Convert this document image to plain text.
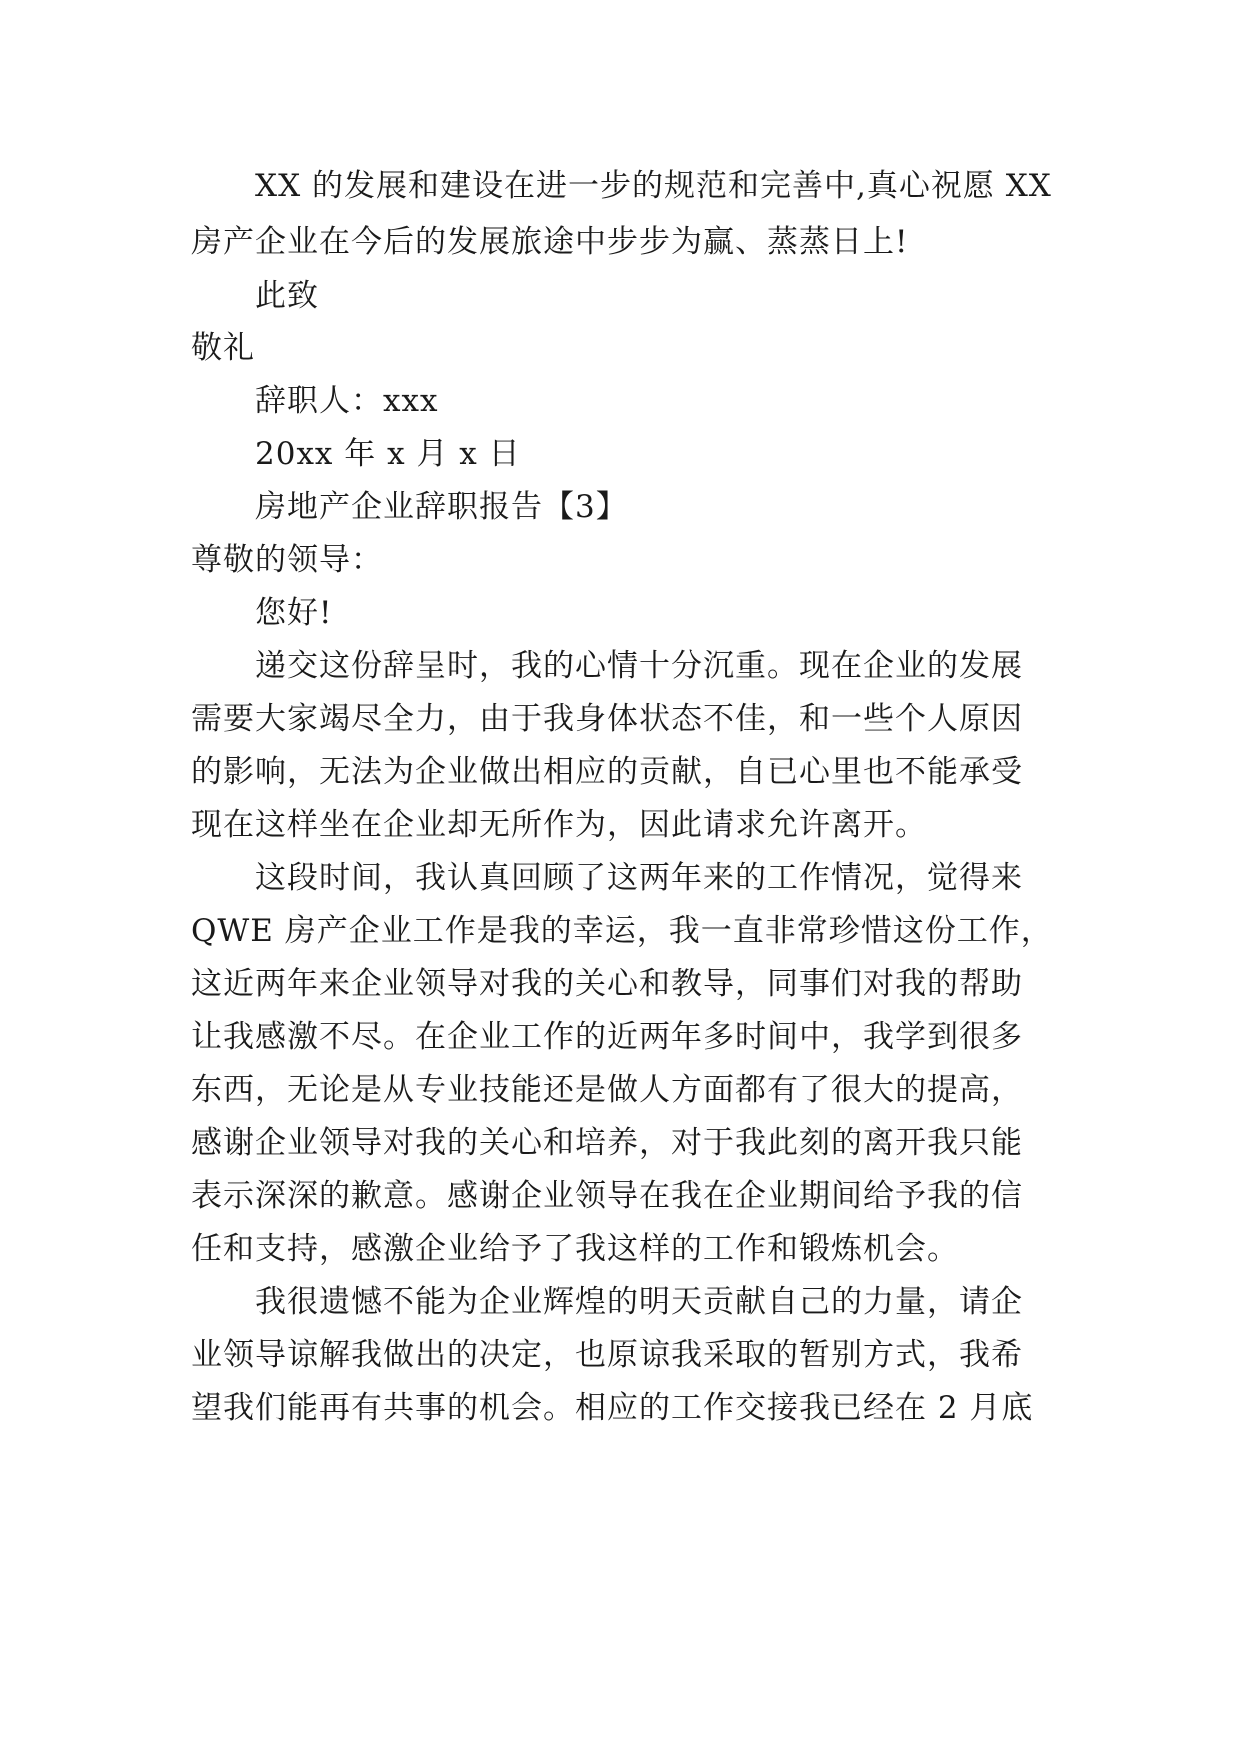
XX 的发展和建设在进一步的规范和完善中,真心祝愿 XX
房产企业在今后的发展旅途中步步为赢、蒸蒸日上!
此致
敬礼
辞职人：xxx
20xx 年 x 月 x 日
房地产企业辞职报告【3】
尊敬的领导：
您好!
递交这份辞呈时，我的心情十分沉重。现在企业的发展
需要大家竭尽全力，由于我身体状态不佳，和一些个人原因
的影响，无法为企业做出相应的贡献，自已心里也不能承受
现在这样坐在企业却无所作为，因此请求允许离开。
这段时间，我认真回顾了这两年来的工作情况，觉得来
QWE 房产企业工作是我的幸运，我一直非常珍惜这份工作，
这近两年来企业领导对我的关心和教导，同事们对我的帮助
让我感激不尽。在企业工作的近两年多时间中，我学到很多
东西，无论是从专业技能还是做人方面都有了很大的提高，
感谢企业领导对我的关心和培养，对于我此刻的离开我只能
表示深深的歉意。感谢企业领导在我在企业期间给予我的信
任和支持，感激企业给予了我这样的工作和锻炼机会。
我很遗憾不能为企业辉煌的明天贡献自己的力量，请企
业领导谅解我做出的决定，也原谅我采取的暂别方式，我希
望我们能再有共事的机会。相应的工作交接我已经在 2 月底
